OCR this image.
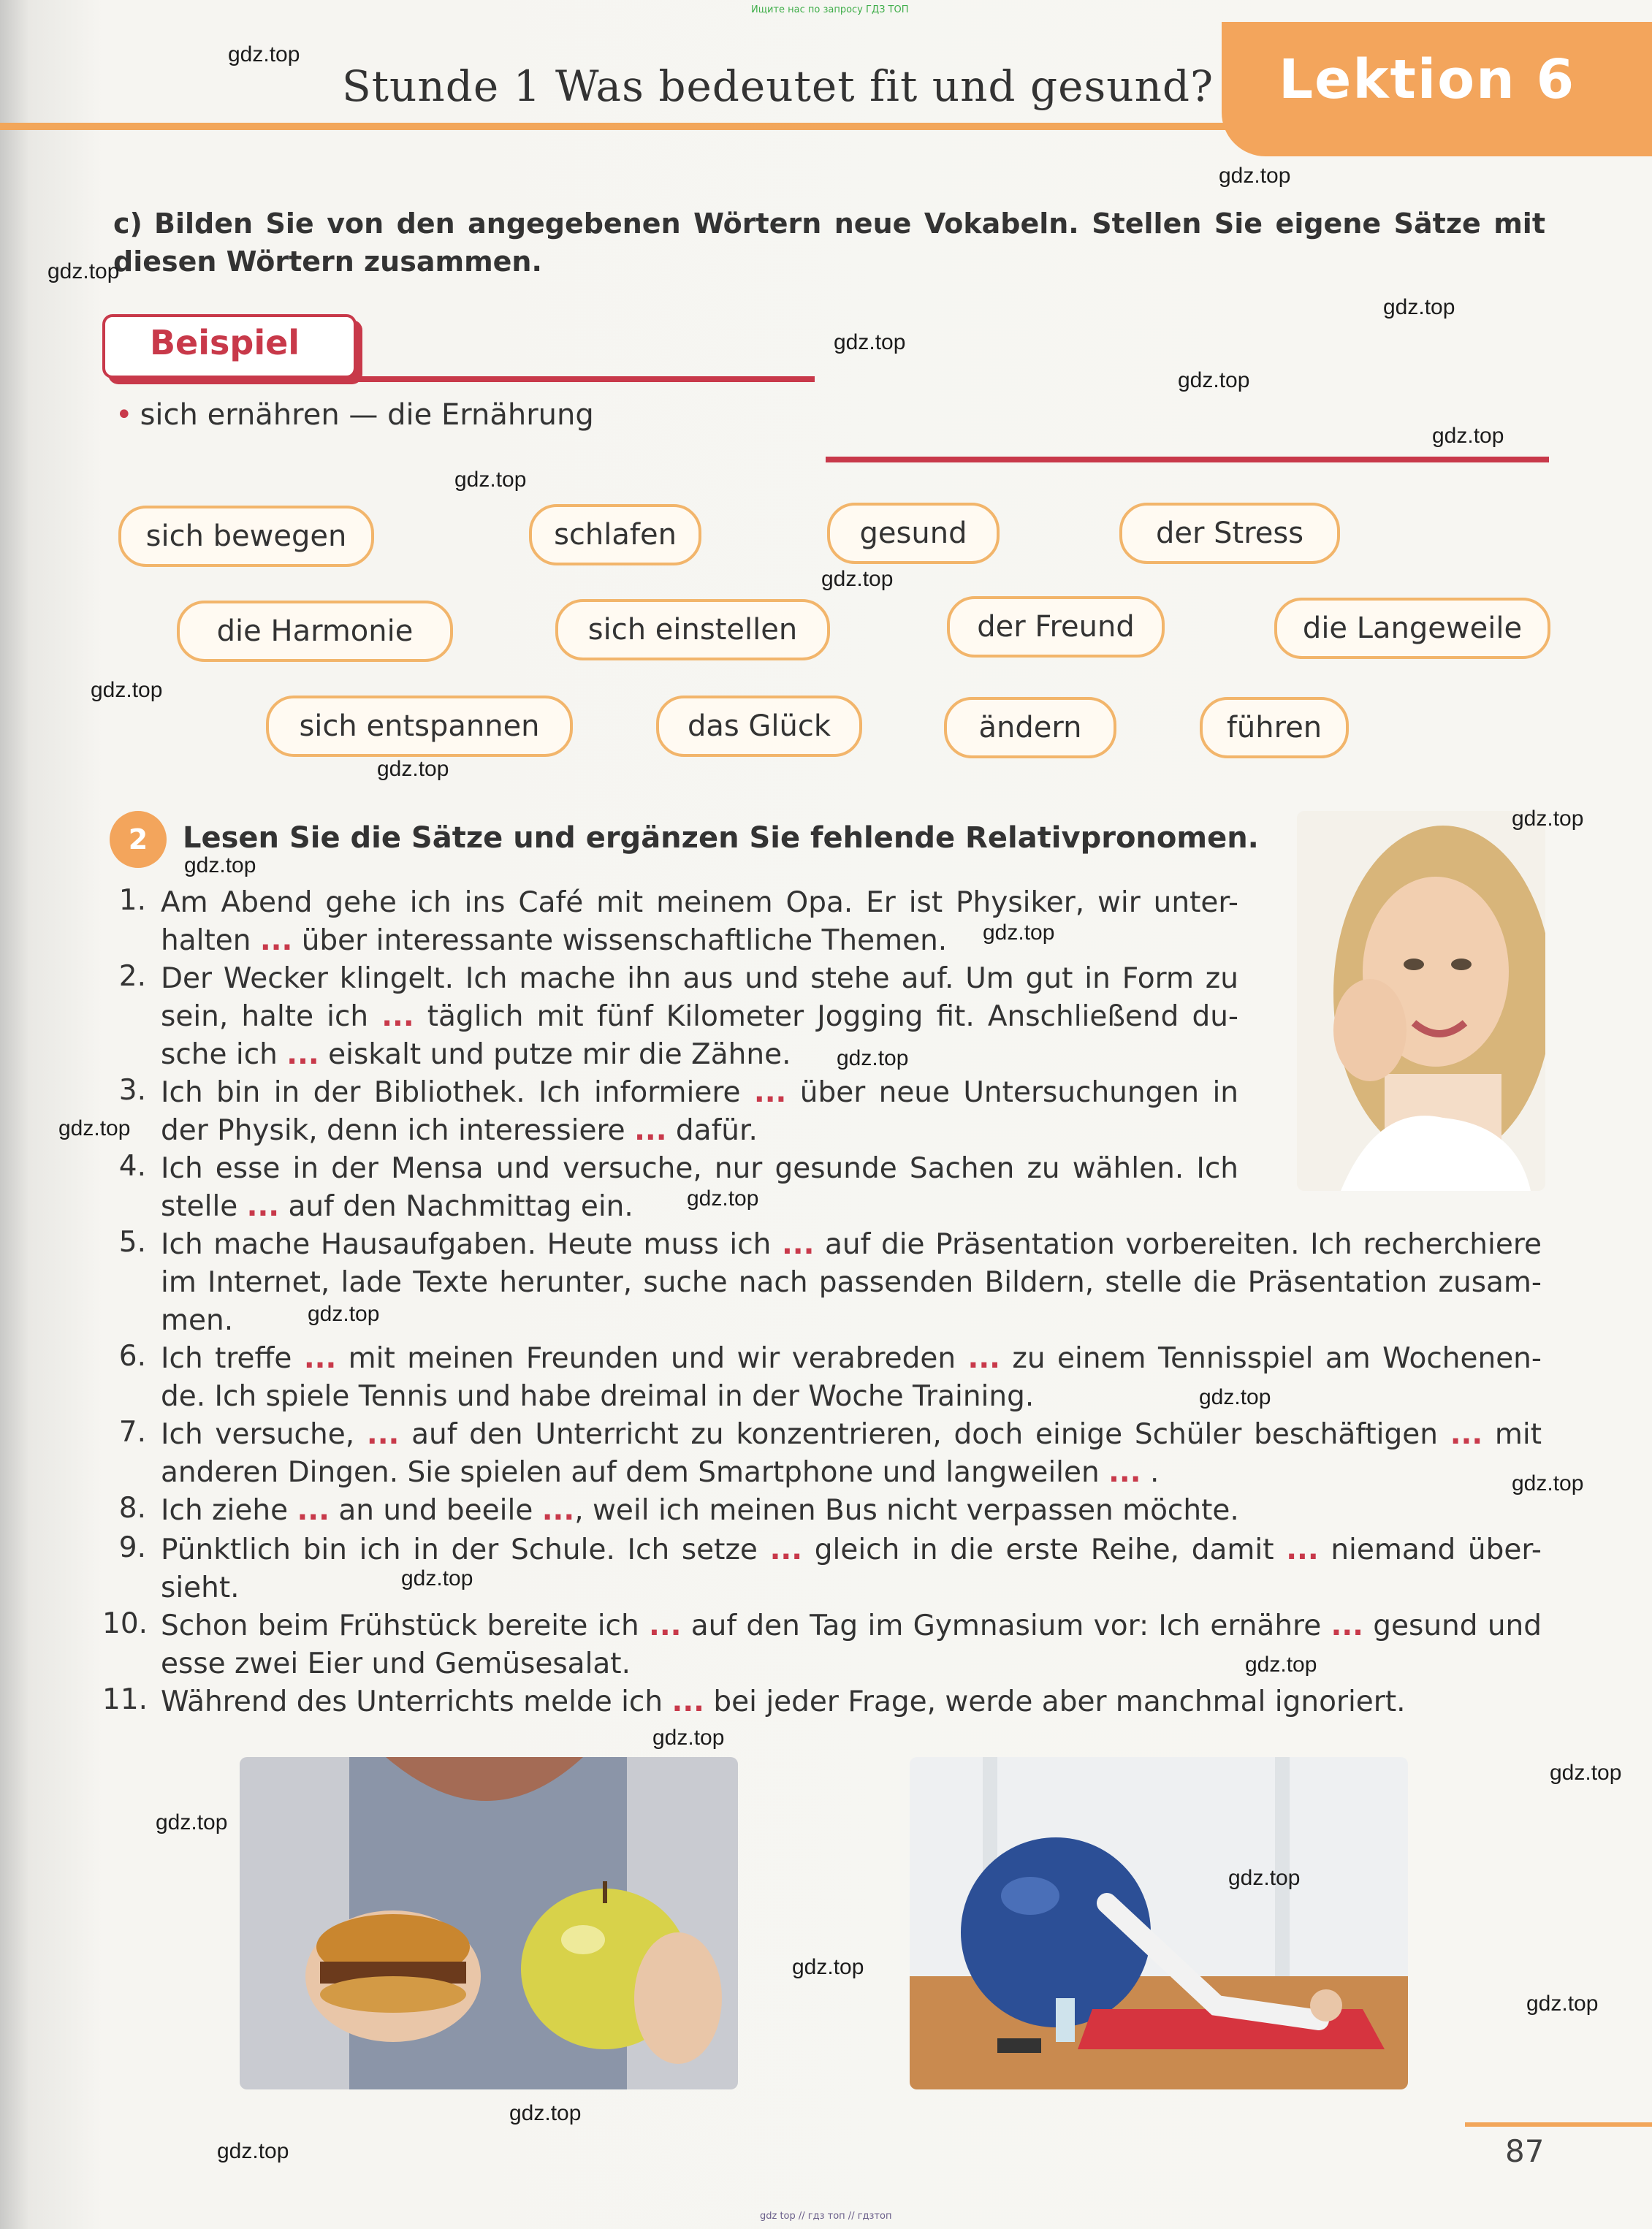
Ищите нас по запросу ГДЗ ТОП
Stunde 1 Was bedeutet fit und gesund? Lektion 6
c) Bilden Sie von den angegebenen Wörtern neue Vokabeln. Stellen Sie eigene Sätze mit diesen Wörtern zusammen.
Beispiel
• sich ernähren — die Ernährung
sich bewegen	schlafen	gesund	der Stress
die Harmonie	sich einstellen	der Freund	die Langeweile
sich entspannen	das Glück	ändern	führen
2	Lesen Sie die Sätze und ergänzen Sie fehlende Relativpronomen.
1. Am Abend gehe ich ins Café mit meinem Opa. Er ist Physiker, wir unter-
halten ... über interessante wissenschaftliche Themen.
2. Der Wecker klingelt. Ich mache ihn aus und stehe auf. Um gut in Form zu
sein, halte ich ... täglich mit fünf Kilometer Jogging fit. Anschließend du-
sche ich ... eiskalt und putze mir die Zähne.
3. Ich bin in der Bibliothek. Ich informiere ... über neue Untersuchungen in
der Physik, denn ich interessiere ... dafür.
4. Ich esse in der Mensa und versuche, nur gesunde Sachen zu wählen. Ich
stelle ... auf den Nachmittag ein.
5. Ich mache Hausaufgaben. Heute muss ich ... auf die Präsentation vorbereiten. Ich recherchiere
im Internet, lade Texte herunter, suche nach passenden Bildern, stelle die Präsentation zusam-
men.
6. Ich treffe ... mit meinen Freunden und wir verabreden ... zu einem Tennisspiel am Wochenen-
de. Ich spiele Tennis und habe dreimal in der Woche Training.
7. Ich versuche, ... auf den Unterricht zu konzentrieren, doch einige Schüler beschäftigen ... mit
anderen Dingen. Sie spielen auf dem Smartphone und langweilen ... .
8. Ich ziehe ... an und beeile ..., weil ich meinen Bus nicht verpassen möchte.
9. Pünktlich bin ich in der Schule. Ich setze ... gleich in die erste Reihe, damit ... niemand über-
sieht.
10. Schon beim Frühstück bereite ich ... auf den Tag im Gymnasium vor: Ich ernähre ... gesund und
esse zwei Eier und Gemüsesalat.
11. Während des Unterrichts melde ich ... bei jeder Frage, werde aber manchmal ignoriert.
87
gdz.top
gdz.top
gdz.top
gdz.top
gdz.top
gdz.top
gdz.top
gdz.top
gdz.top
gdz.top
gdz.top
gdz.top
gdz.top
gdz.top
gdz.top
gdz.top
gdz.top
gdz.top
gdz.top
gdz.top
gdz.top
gdz.top
gdz.top
gdz.top
gdz.top
gdz.top
gdz.top
gdz.top
gdz.top
gdz.top
gdz top // гдз топ // гдзтоп
